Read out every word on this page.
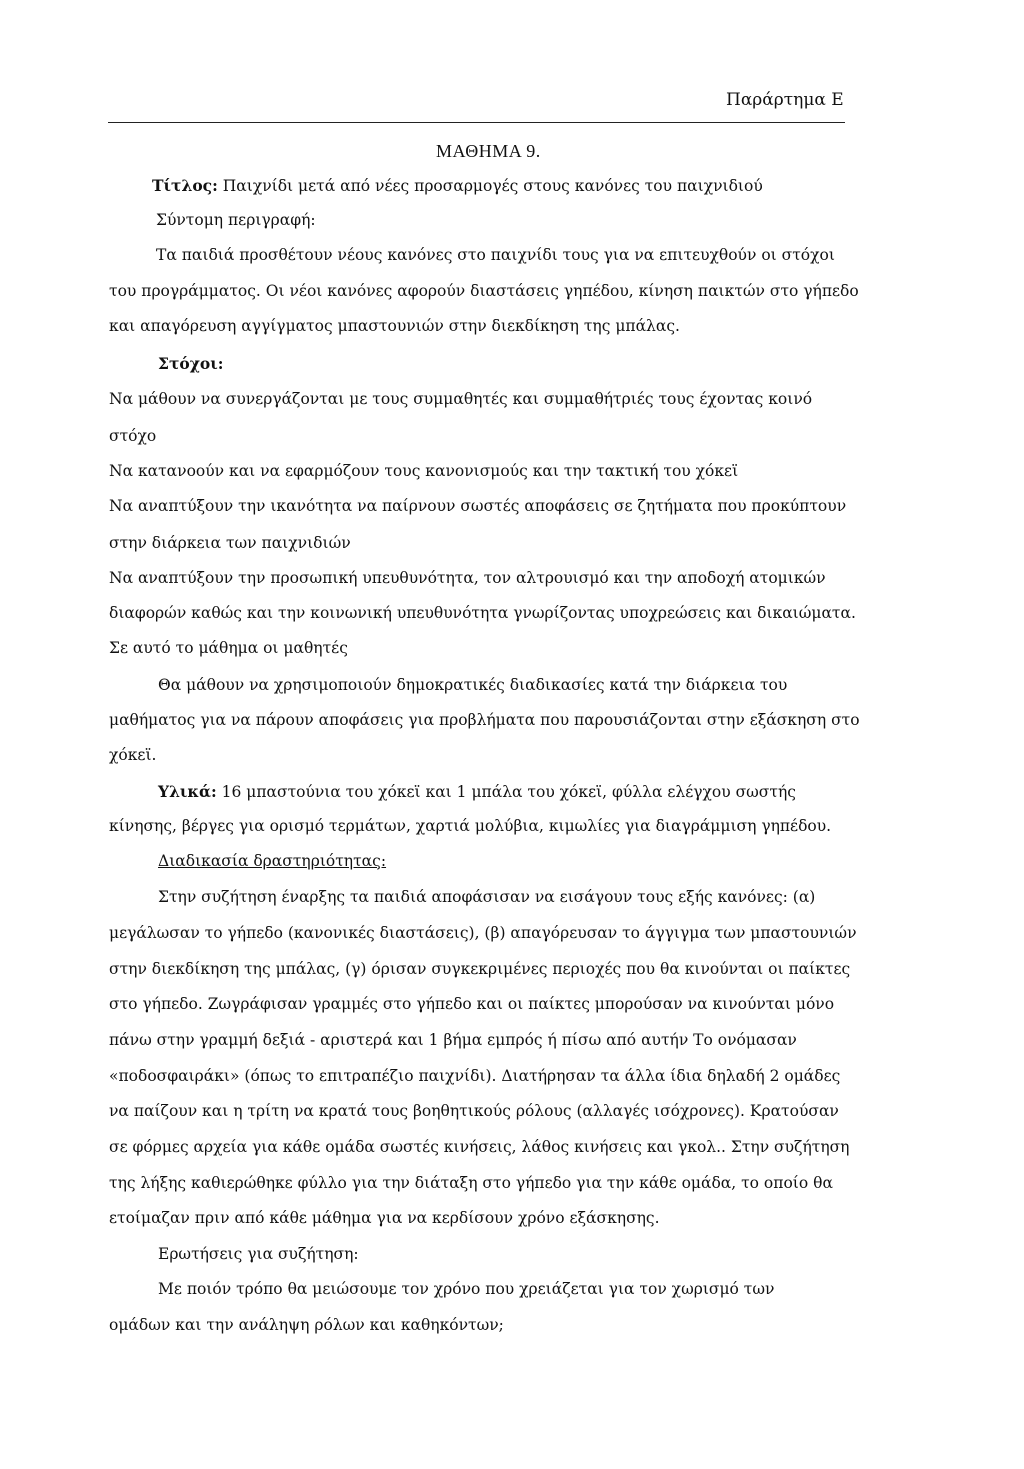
Παράρτημα Ε
ΜΑΘΗΜΑ 9.
Τίτλος: Παιχνίδι μετά από νέες προσαρμογές στους κανόνες του παιχνιδιού
Σύντομη περιγραφή:
Τα παιδιά προσθέτουν νέους κανόνες στο παιχνίδι τους για να επιτευχθούν οι στόχοι
του προγράμματος. Οι νέοι κανόνες αφορούν διαστάσεις γηπέδου, κίνηση παικτών στο γήπεδο
και απαγόρευση αγγίγματος μπαστουνιών στην διεκδίκηση της μπάλας.
Στόχοι:
Να μάθουν να συνεργάζονται με τους συμμαθητές και συμμαθήτριές τους έχοντας κοινό
στόχο
Να κατανοούν και να εφαρμόζουν τους κανονισμούς και την τακτική του χόκεϊ
Να αναπτύξουν την ικανότητα να παίρνουν σωστές αποφάσεις σε ζητήματα που προκύπτουν
στην διάρκεια των παιχνιδιών
Να αναπτύξουν την προσωπική υπευθυνότητα, τον αλτρουισμό και την αποδοχή ατομικών
διαφορών καθώς και την κοινωνική υπευθυνότητα γνωρίζοντας υποχρεώσεις και δικαιώματα.
Σε αυτό το μάθημα οι μαθητές
Θα μάθουν να χρησιμοποιούν δημοκρατικές διαδικασίες κατά την διάρκεια του
μαθήματος για να πάρουν αποφάσεις για προβλήματα που παρουσιάζονται στην εξάσκηση στο
χόκεϊ.
Υλικά: 16 μπαστούνια του χόκεϊ και 1 μπάλα του χόκεϊ, φύλλα ελέγχου σωστής
κίνησης, βέργες για ορισμό τερμάτων, χαρτιά μολύβια, κιμωλίες για διαγράμμιση γηπέδου.
Διαδικασία δραστηριότητας:
Στην συζήτηση έναρξης τα παιδιά αποφάσισαν να εισάγουν τους εξής κανόνες: (α)
μεγάλωσαν το γήπεδο (κανονικές διαστάσεις), (β) απαγόρευσαν το άγγιγμα των μπαστουνιών
στην διεκδίκηση της μπάλας, (γ) όρισαν συγκεκριμένες περιοχές που θα κινούνται οι παίκτες
στο γήπεδο. Ζωγράφισαν γραμμές στο γήπεδο και οι παίκτες μπορούσαν να κινούνται μόνο
πάνω στην γραμμή δεξιά - αριστερά και 1 βήμα εμπρός ή πίσω από αυτήν Το ονόμασαν
«ποδοσφαιράκι» (όπως το επιτραπέζιο παιχνίδι). Διατήρησαν τα άλλα ίδια δηλαδή 2 ομάδες
να παίζουν και η τρίτη να κρατά τους βοηθητικούς ρόλους (αλλαγές ισόχρονες). Κρατούσαν
σε φόρμες αρχεία για κάθε ομάδα σωστές κινήσεις, λάθος κινήσεις και γκολ.. Στην συζήτηση
της λήξης καθιερώθηκε φύλλο για την διάταξη στο γήπεδο για την κάθε ομάδα, το οποίο θα
ετοίμαζαν πριν από κάθε μάθημα για να κερδίσουν χρόνο εξάσκησης.
Ερωτήσεις για συζήτηση:
Με ποιόν τρόπο θα μειώσουμε τον χρόνο που χρειάζεται για τον χωρισμό των
ομάδων και την ανάληψη ρόλων και καθηκόντων;
